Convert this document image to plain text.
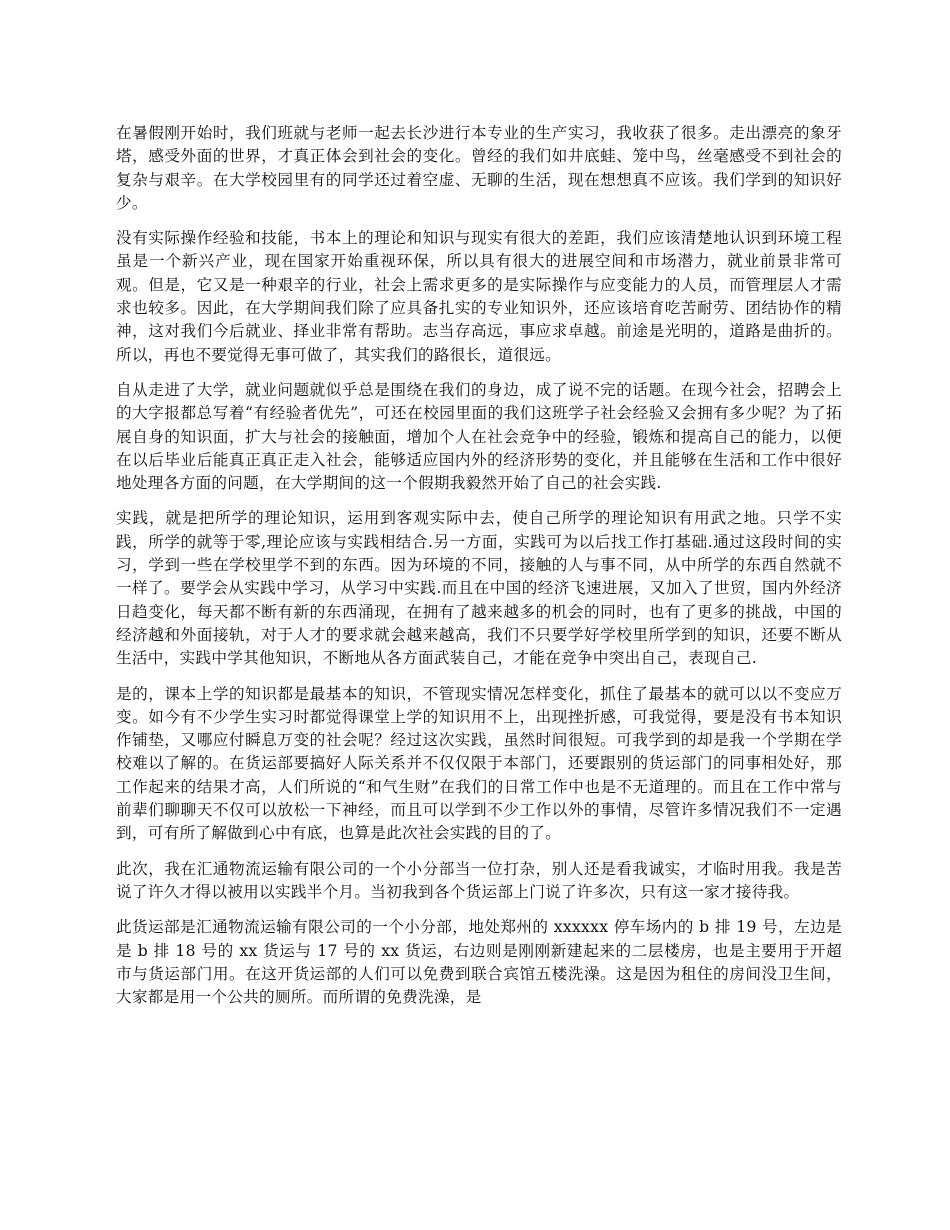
在暑假刚开始时，我们班就与老师一起去长沙进行本专业的生产实习，我收获了很多。走出漂亮的象牙塔，感受外面的世界，才真正体会到社会的变化。曾经的我们如井底蛙、笼中鸟，丝毫感受不到社会的复杂与艰辛。在大学校园里有的同学还过着空虚、无聊的生活，现在想想真不应该。我们学到的知识好少。

没有实际操作经验和技能，书本上的理论和知识与现实有很大的差距，我们应该清楚地认识到环境工程虽是一个新兴产业，现在国家开始重视环保，所以具有很大的进展空间和市场潜力，就业前景非常可观。但是，它又是一种艰辛的行业，社会上需求更多的是实际操作与应变能力的人员，而管理层人才需求也较多。因此，在大学期间我们除了应具备扎实的专业知识外，还应该培育吃苦耐劳、团结协作的精神，这对我们今后就业、择业非常有帮助。志当存高远，事应求卓越。前途是光明的，道路是曲折的。所以，再也不要觉得无事可做了，其实我们的路很长，道很远。

自从走进了大学，就业问题就似乎总是围绕在我们的身边，成了说不完的话题。在现今社会，招聘会上的大字报都总写着“有经验者优先”，可还在校园里面的我们这班学子社会经验又会拥有多少呢？为了拓展自身的知识面，扩大与社会的接触面，增加个人在社会竞争中的经验，锻炼和提高自己的能力，以便在以后毕业后能真正真正走入社会，能够适应国内外的经济形势的变化，并且能够在生活和工作中很好地处理各方面的问题，在大学期间的这一个假期我毅然开始了自己的社会实践.

实践，就是把所学的理论知识，运用到客观实际中去，使自己所学的理论知识有用武之地。只学不实践，所学的就等于零,理论应该与实践相结合.另一方面，实践可为以后找工作打基础.通过这段时间的实习，学到一些在学校里学不到的东西。因为环境的不同，接触的人与事不同，从中所学的东西自然就不一样了。要学会从实践中学习，从学习中实践.而且在中国的经济飞速进展，又加入了世贸，国内外经济日趋变化，每天都不断有新的东西涌现，在拥有了越来越多的机会的同时，也有了更多的挑战，中国的经济越和外面接轨，对于人才的要求就会越来越高，我们不只要学好学校里所学到的知识，还要不断从生活中，实践中学其他知识，不断地从各方面武装自己，才能在竞争中突出自己，表现自己.

是的，课本上学的知识都是最基本的知识，不管现实情况怎样变化，抓住了最基本的就可以以不变应万变。如今有不少学生实习时都觉得课堂上学的知识用不上，出现挫折感，可我觉得，要是没有书本知识作铺垫，又哪应付瞬息万变的社会呢？经过这次实践，虽然时间很短。可我学到的却是我一个学期在学校难以了解的。在货运部要搞好人际关系并不仅仅限于本部门，还要跟别的货运部门的同事相处好，那工作起来的结果才高，人们所说的“和气生财”在我们的日常工作中也是不无道理的。而且在工作中常与前辈们聊聊天不仅可以放松一下神经，而且可以学到不少工作以外的事情，尽管许多情况我们不一定遇到，可有所了解做到心中有底，也算是此次社会实践的目的了。

此次，我在汇通物流运输有限公司的一个小分部当一位打杂，别人还是看我诚实，才临时用我。我是苦说了许久才得以被用以实践半个月。当初我到各个货运部上门说了许多次，只有这一家才接待我。

此货运部是汇通物流运输有限公司的一个小分部，地处郑州的 xxxxxx 停车场内的 b 排 19 号，左边是是 b 排 18 号的 xx 货运与 17 号的 xx 货运，右边则是刚刚新建起来的二层楼房，也是主要用于开超市与货运部门用。在这开货运部的人们可以免费到联合宾馆五楼洗澡。这是因为租住的房间没卫生间，大家都是用一个公共的厕所。而所谓的免费洗澡，是
